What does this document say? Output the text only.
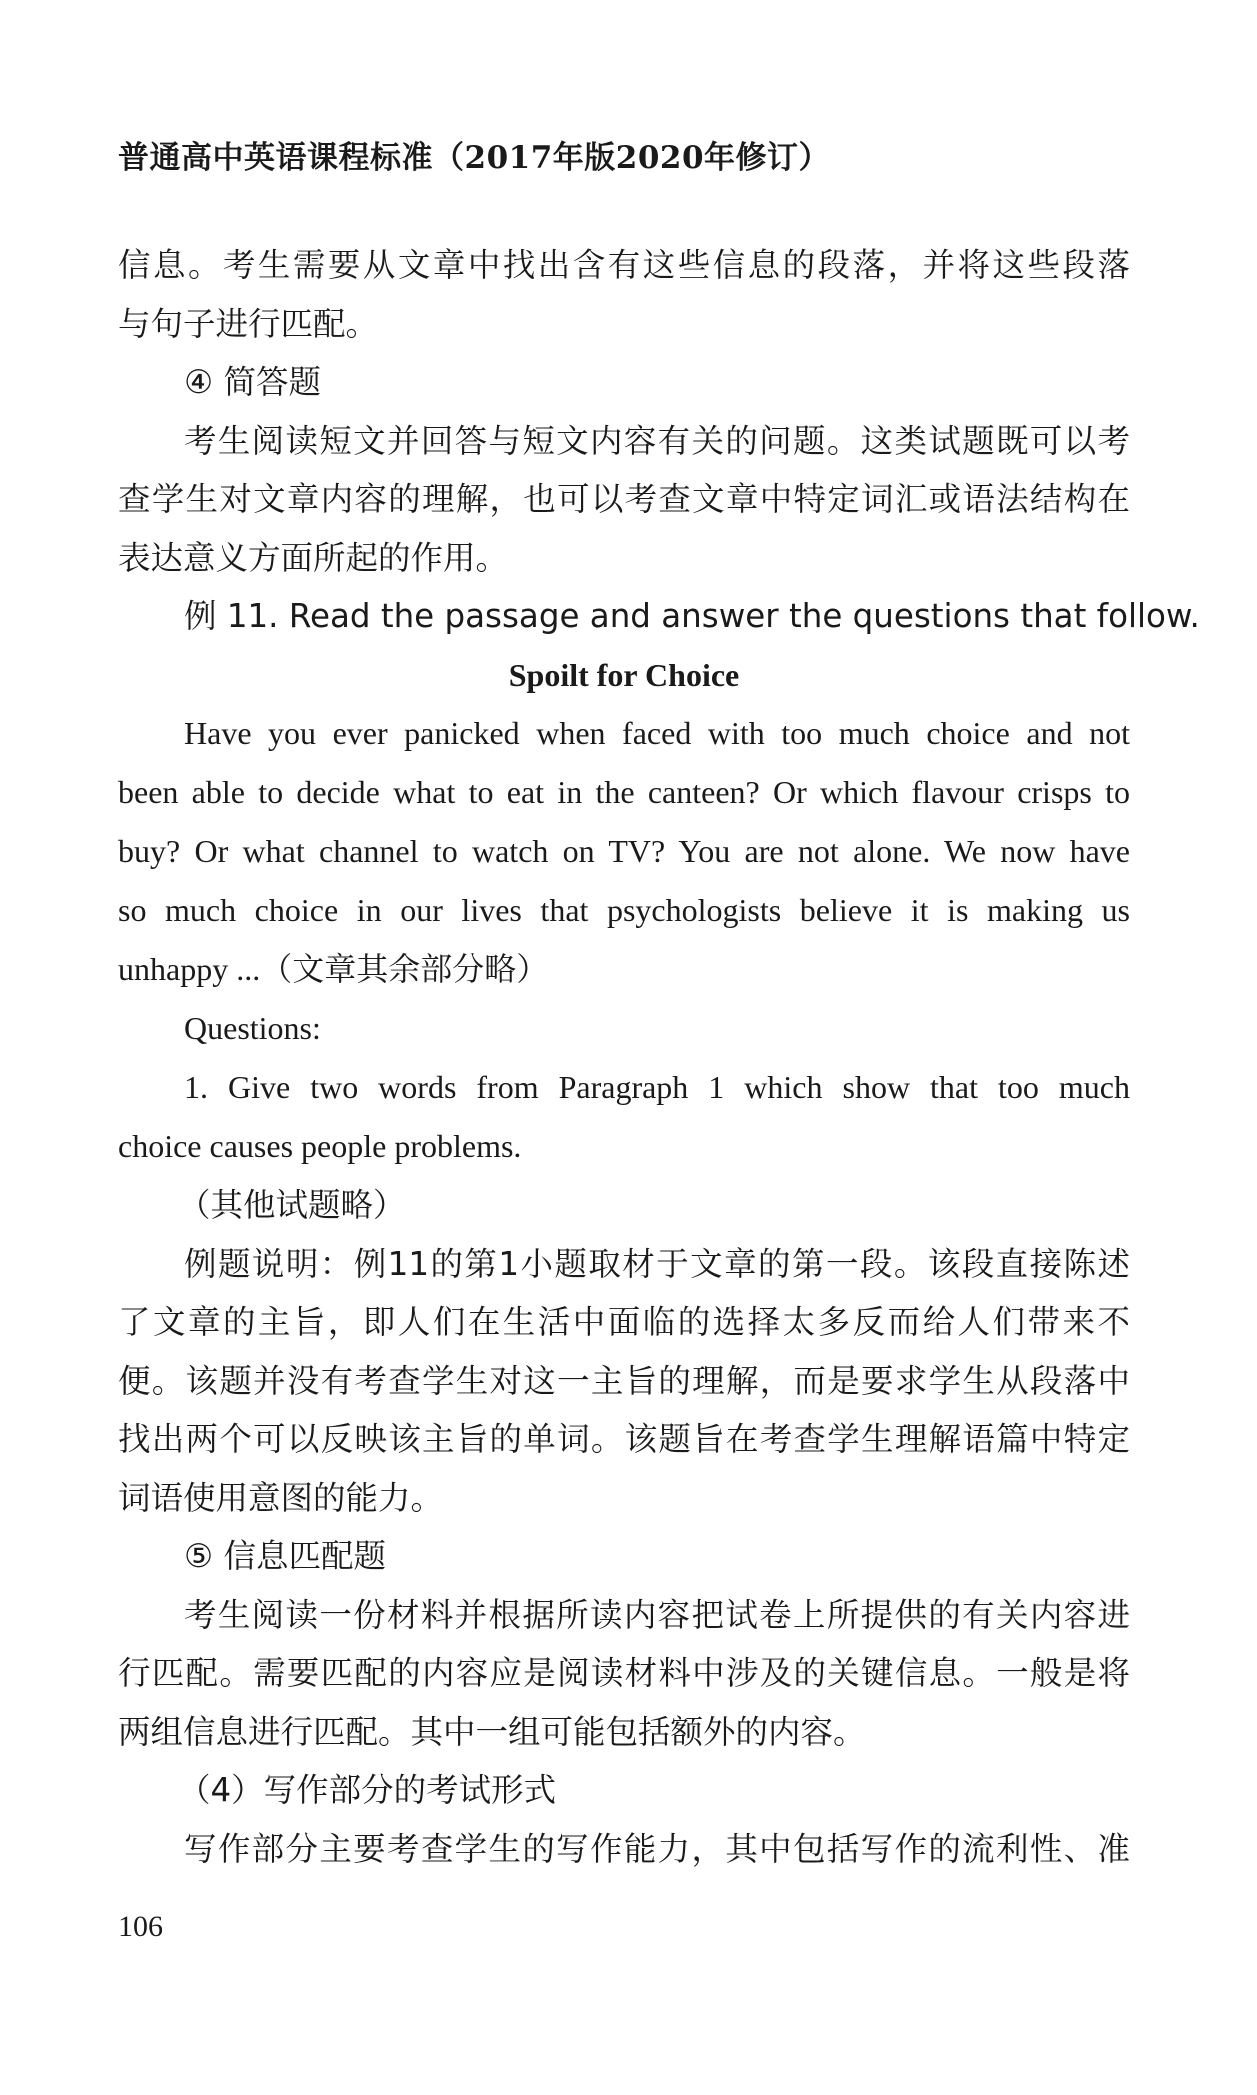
普通高中英语课程标准（2017年版2020年修订）
信息。考生需要从文章中找出含有这些信息的段落，并将这些段落
与句子进行匹配。
④ 简答题
考生阅读短文并回答与短文内容有关的问题。这类试题既可以考
查学生对文章内容的理解，也可以考查文章中特定词汇或语法结构在
表达意义方面所起的作用。
例 11. Read the passage and answer the questions that follow.
Spoilt for Choice
Have you ever panicked when faced with too much choice and not
been able to decide what to eat in the canteen? Or which flavour crisps to
buy? Or what channel to watch on TV? You are not alone. We now have
so much choice in our lives that psychologists believe it is making us
unhappy ...（文章其余部分略）
Questions:
1. Give two words from Paragraph 1 which show that too much
choice causes people problems.
（其他试题略）
例题说明：例11的第1小题取材于文章的第一段。该段直接陈述
了文章的主旨，即人们在生活中面临的选择太多反而给人们带来不
便。该题并没有考查学生对这一主旨的理解，而是要求学生从段落中
找出两个可以反映该主旨的单词。该题旨在考查学生理解语篇中特定
词语使用意图的能力。
⑤ 信息匹配题
考生阅读一份材料并根据所读内容把试卷上所提供的有关内容进
行匹配。需要匹配的内容应是阅读材料中涉及的关键信息。一般是将
两组信息进行匹配。其中一组可能包括额外的内容。
（4）写作部分的考试形式
写作部分主要考查学生的写作能力，其中包括写作的流利性、准
106
